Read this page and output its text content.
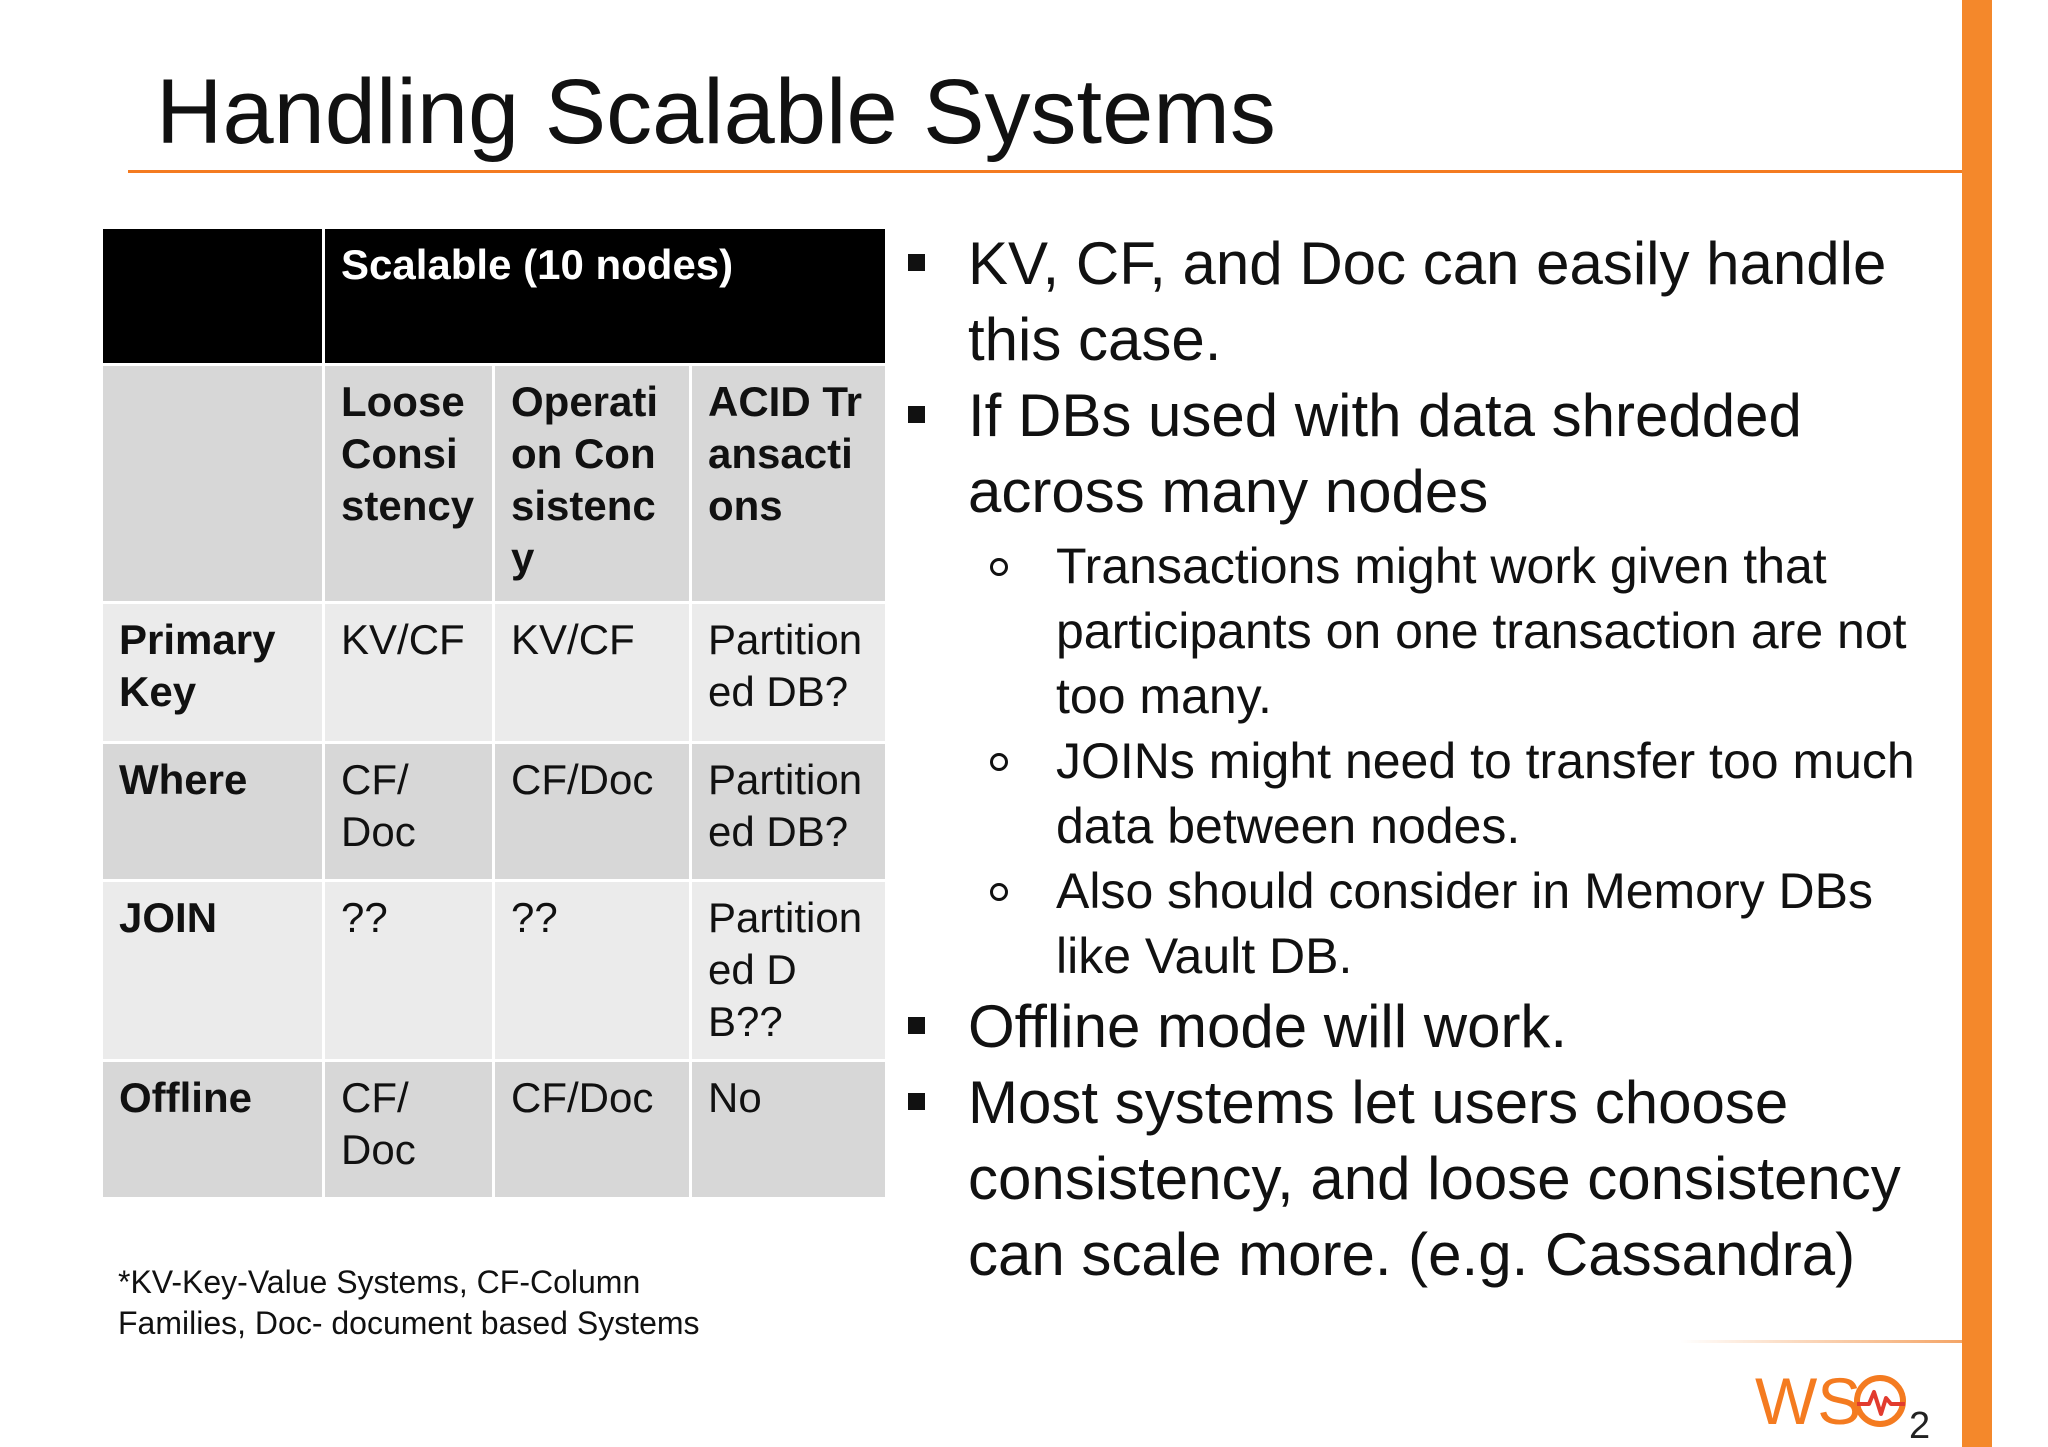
Handling Scalable Systems
	Scalable (10 nodes)		
	Loose Consistency	Operation Consistency	ACID Transactions
Primary Key	KV/CF	KV/CF	Partitioned DB?
Where	CF/ Doc	CF/Doc	Partitioned DB?
JOIN	??	??	Partitioned DB??
Offline	CF/ Doc	CF/Doc	No
*KV-Key-Value Systems, CF-Column Families, Doc- document based Systems
KV, CF, and Doc can easily handle this case.
If DBs used with data shredded across many nodes
Transactions might work given that participants on one transaction are not too many.
JOINs might need to transfer too much data between nodes.
Also should consider in Memory DBs like Vault DB.
Offline mode will work.
Most systems let users choose consistency, and loose consistency can scale more. (e.g. Cassandra)
WS 2
